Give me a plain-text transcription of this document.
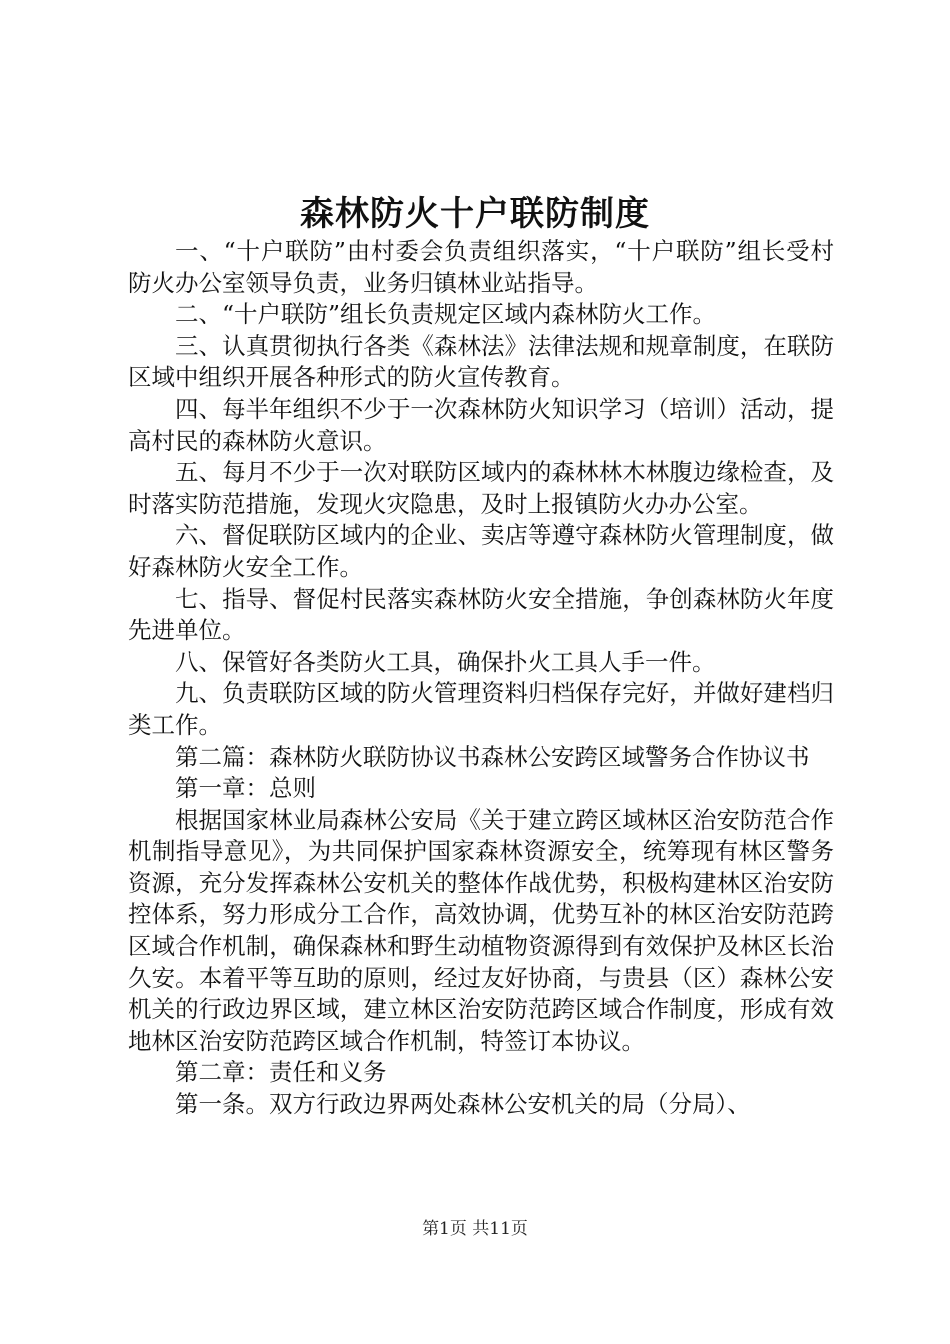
森林防火十户联防制度

一、“十户联防”由村委会负责组织落实，“十户联防”组长受村防火办公室领导负责，业务归镇林业站指导。

二、“十户联防”组长负责规定区域内森林防火工作。

三、认真贯彻执行各类《森林法》法律法规和规章制度，在联防区域中组织开展各种形式的防火宣传教育。

四、每半年组织不少于一次森林防火知识学习（培训）活动，提高村民的森林防火意识。

五、每月不少于一次对联防区域内的森林林木林腹边缘检查，及时落实防范措施，发现火灾隐患，及时上报镇防火办办公室。

六、督促联防区域内的企业、卖店等遵守森林防火管理制度，做好森林防火安全工作。

七、指导、督促村民落实森林防火安全措施，争创森林防火年度先进单位。

八、保管好各类防火工具，确保扑火工具人手一件。

九、负责联防区域的防火管理资料归档保存完好，并做好建档归类工作。

第二篇：森林防火联防协议书森林公安跨区域警务合作协议书

第一章：总则

根据国家林业局森林公安局《关于建立跨区域林区治安防范合作机制指导意见》，为共同保护国家森林资源安全，统筹现有林区警务资源，充分发挥森林公安机关的整体作战优势，积极构建林区治安防控体系，努力形成分工合作，高效协调，优势互补的林区治安防范跨区域合作机制，确保森林和野生动植物资源得到有效保护及林区长治久安。本着平等互助的原则，经过友好协商，与贵县（区）森林公安机关的行政边界区域，建立林区治安防范跨区域合作制度，形成有效地林区治安防范跨区域合作机制，特签订本协议。

第二章：责任和义务

第一条。双方行政边界两处森林公安机关的局（分局）、

第1页 共11页
